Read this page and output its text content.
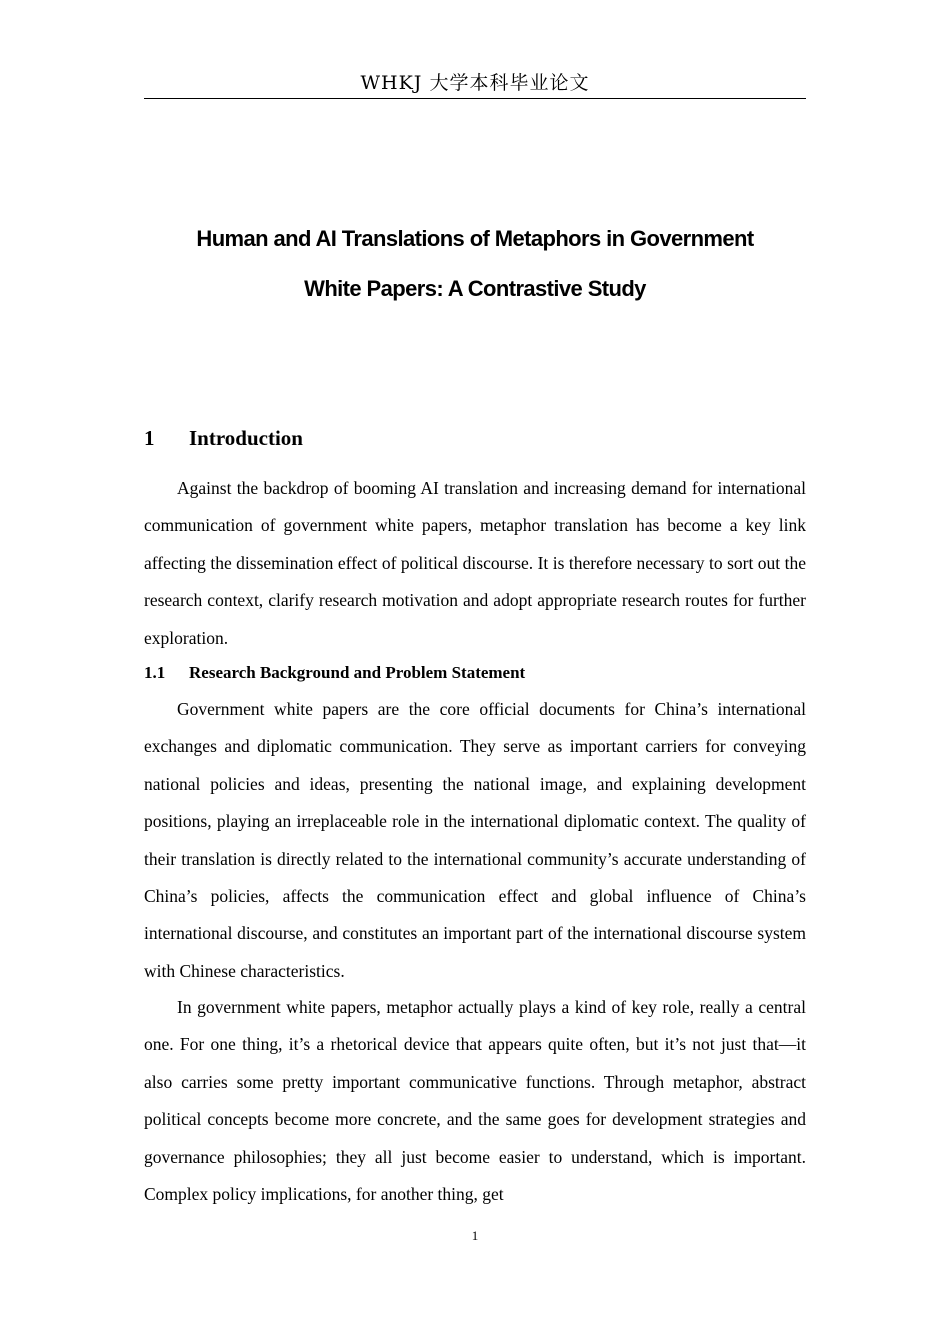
WHKJ 大学本科毕业论文
Human and AI Translations of Metaphors in Government
White Papers: A Contrastive Study
1 Introduction

Against the backdrop of booming AI translation and increasing demand for international communication of government white papers, metaphor translation has become a key link affecting the dissemination effect of political discourse. It is therefore necessary to sort out the research context, clarify research motivation and adopt appropriate research routes for further exploration.

1.1 Research Background and Problem Statement

Government white papers are the core official documents for China’s international exchanges and diplomatic communication. They serve as important carriers for conveying national policies and ideas, presenting the national image, and explaining development positions, playing an irreplaceable role in the international diplomatic context. The quality of their translation is directly related to the international community’s accurate understanding of China’s policies, affects the communication effect and global influence of China’s international discourse, and constitutes an important part of the international discourse system with Chinese characteristics.

In government white papers, metaphor actually plays a kind of key role, really a central one. For one thing, it’s a rhetorical device that appears quite often, but it’s not just that—it also carries some pretty important communicative functions. Through metaphor, abstract political concepts become more concrete, and the same goes for development strategies and governance philosophies; they all just become easier to understand, which is important. Complex policy implications, for another thing, get

1
